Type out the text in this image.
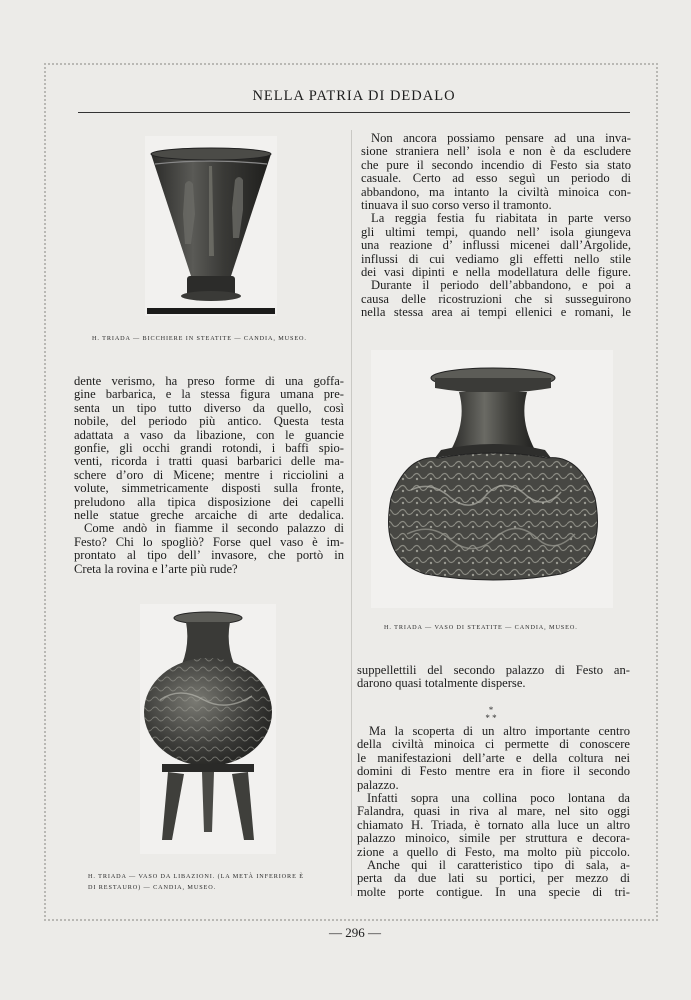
NELLA PATRIA DI DEDALO

H. TRIADA — BICCHIERE IN STEATITE — CANDIA, MUSEO.

Non ancora possiamo pensare ad una inva-
sione straniera nell’ isola e non è da escludere
che pure il secondo incendio di Festo sia stato
casuale. Certo ad esso seguì un periodo di
abbandono, ma intanto la civiltà minoica con-
tinuava il suo corso verso il tramonto.
La reggia festia fu riabitata in parte verso
gli ultimi tempi, quando nell’ isola giungeva
una reazione d’ influssi micenei dall’Argolide,
influssi di cui vediamo gli effetti nello stile
dei vasi dipinti e nella modellatura delle figure.
Durante il periodo dell’abbandono, e poi a
causa delle ricostruzioni che si susseguirono
nella stessa area ai tempi ellenici e romani, le

H. TRIADA — VASO DI STEATITE — CANDIA, MUSEO.

dente verismo, ha preso forme di una goffa-
gine barbarica, e la stessa figura umana pre-
senta un tipo tutto diverso da quello, così
nobile, del periodo più antico. Questa testa
adattata a vaso da libazione, con le guancie
gonfie, gli occhi grandi rotondi, i baffi spio-
venti, ricorda i tratti quasi barbarici delle ma-
schere d’oro di Micene; mentre i ricciolini a
volute, simmetricamente disposti sulla fronte,
preludono alla tipica disposizione dei capelli
nelle statue greche arcaiche di arte dedalica.
Come andò in fiamme il secondo palazzo di
Festo? Chi lo spogliò? Forse quel vaso è im-
prontato al tipo dell’ invasore, che portò in
Creta la rovina e l’arte più rude?

H. TRIADA — VASO DA LIBAZIONI. (LA METÀ INFERIORE È
DI RESTAURO) — CANDIA, MUSEO.

suppellettili del secondo palazzo di Festo an-
darono quasi totalmente disperse.
*
* *
Ma la scoperta di un altro importante centro
della civiltà minoica ci permette di conoscere
le manifestazioni dell’arte e della coltura nei
domini di Festo mentre era in fiore il secondo
palazzo.
Infatti sopra una collina poco lontana da
Falandra, quasi in riva al mare, nel sito oggi
chiamato H. Triada, è tornato alla luce un altro
palazzo minoico, simile per struttura e decora-
zione a quello di Festo, ma molto più piccolo.
Anche qui il caratteristico tipo di sala, a-
perta da due lati su portici, per mezzo di
molte porte contigue. In una specie di tri-
— 296 —
